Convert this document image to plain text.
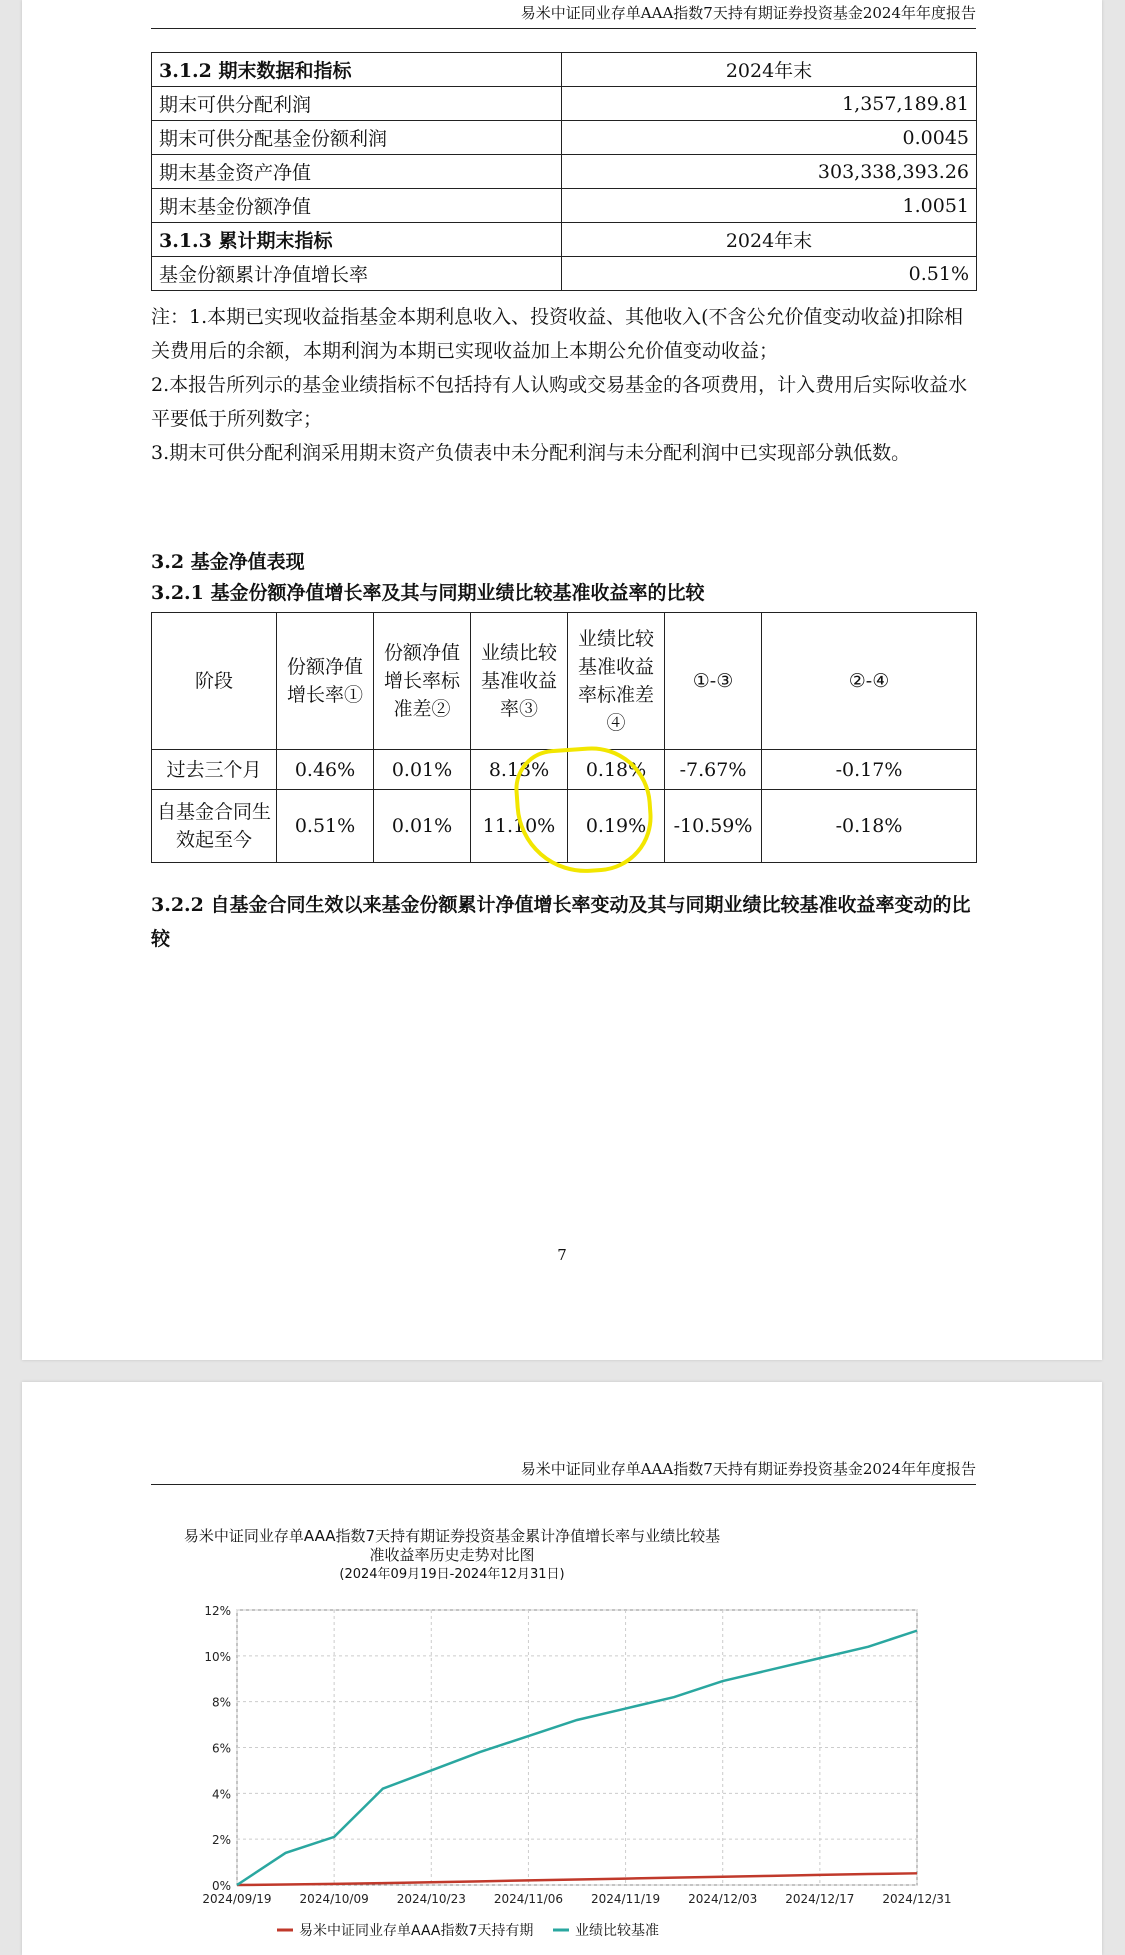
易米中证同业存单AAA指数7天持有期证券投资基金2024年年度报告
3.1.2 期末数据和指标	2024年末
期末可供分配利润	1,357,189.81
期末可供分配基金份额利润	0.0045
期末基金资产净值	303,338,393.26
期末基金份额净值	1.0051
3.1.3 累计期末指标	2024年末
基金份额累计净值增长率	0.51%
注：1.本期已实现收益指基金本期利息收入、投资收益、其他收入(不含公允价值变动收益)扣除相关费用后的余额，本期利润为本期已实现收益加上本期公允价值变动收益；
2.本报告所列示的基金业绩指标不包括持有人认购或交易基金的各项费用，计入费用后实际收益水平要低于所列数字；
3.期末可供分配利润采用期末资产负债表中未分配利润与未分配利润中已实现部分孰低数。
3.2 基金净值表现
3.2.1 基金份额净值增长率及其与同期业绩比较基准收益率的比较
阶段	份额净值增长率①	份额净值增长率标准差②	业绩比较基准收益率③	业绩比较基准收益率标准差④	①-③	②-④
过去三个月	0.46%	0.01%	8.13%	0.18%	-7.67%	-0.17%
自基金合同生效起至今	0.51%	0.01%	11.10%	0.19%	-10.59%	-0.18%
3.2.2 自基金合同生效以来基金份额累计净值增长率变动及其与同期业绩比较基准收益率变动的比较
7
易米中证同业存单AAA指数7天持有期证券投资基金2024年年度报告
易米中证同业存单AAA指数7天持有期证券投资基金累计净值增长率与业绩比较基准收益率历史走势对比图
(2024年09月19日-2024年12月31日)
0%
2%
4%
6%
8%
10%
12%
2024/09/19 2024/10/09 2024/10/23 2024/11/06 2024/11/19 2024/12/03 2024/12/17 2024/12/31
易米中证同业存单AAA指数7天持有期	业绩比较基准
